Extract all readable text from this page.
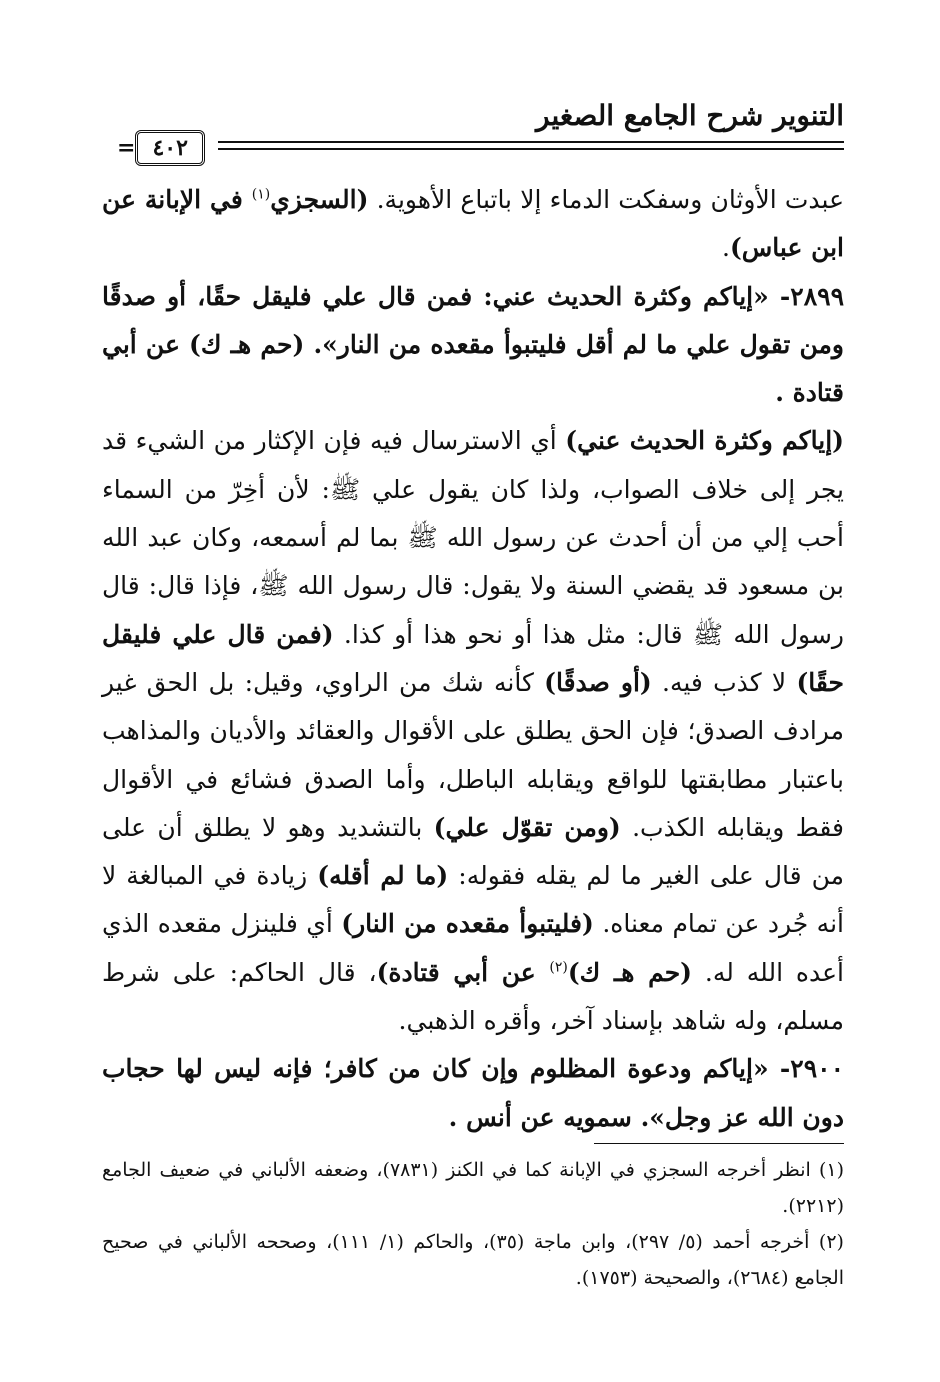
التنوير شرح الجامع الصغير
= ٤٠٢

عبدت الأوثان وسفكت الدماء إلا باتباع الأهوية. (السجزي$^{(١)}$ في الإبانة عن ابن عباس).

٢٨٩٩- «إياكم وكثرة الحديث عني: فمن قال علي فليقل حقًا، أو صدقًا ومن تقول علي ما لم أقل فليتبوأ مقعده من النار». (حم هـ ك) عن أبي قتادة .

(إياكم وكثرة الحديث عني) أي الاسترسال فيه فإن الإكثار من الشيء قد يجر إلى خلاف الصواب، ولذا كان يقول علي ﷺ: لأن أخِرّ من السماء أحب إلي من أن أحدث عن رسول الله ﷺ بما لم أسمعه، وكان عبد الله بن مسعود قد يقضي السنة ولا يقول: قال رسول الله ﷺ، فإذا قال: قال رسول الله ﷺ قال: مثل هذا أو نحو هذا أو كذا. (فمن قال علي فليقل حقًا) لا كذب فيه. (أو صدقًا) كأنه شك من الراوي، وقيل: بل الحق غير مرادف الصدق؛ فإن الحق يطلق على الأقوال والعقائد والأديان والمذاهب باعتبار مطابقتها للواقع ويقابله الباطل، وأما الصدق فشائع في الأقوال فقط ويقابله الكذب. (ومن تقوّل علي) بالتشديد وهو لا يطلق أن على من قال على الغير ما لم يقله فقوله: (ما لم أقله) زيادة في المبالغة لا أنه جُرد عن تمام معناه. (فليتبوأ مقعده من النار) أي فلينزل مقعده الذي أعده الله له. (حم هـ ك)$^{(٢)}$ عن أبي قتادة)، قال الحاكم: على شرط مسلم، وله شاهد بإسناد آخر، وأقره الذهبي.

٢٩٠٠- «إياكم ودعوة المظلوم وإن كان من كافر؛ فإنه ليس لها حجاب دون الله عز وجل». سمويه عن أنس .

(١) انظر أخرجه السجزي في الإبانة كما في الكنز (٧٨٣١)، وضعفه الألباني في ضعيف الجامع (٢٢١٢).

(٢) أخرجه أحمد (٥/ ٢٩٧)، وابن ماجة (٣٥)، والحاكم (١/ ١١١)، وصححه الألباني في صحيح الجامع (٢٦٨٤)، والصحيحة (١٧٥٣).
